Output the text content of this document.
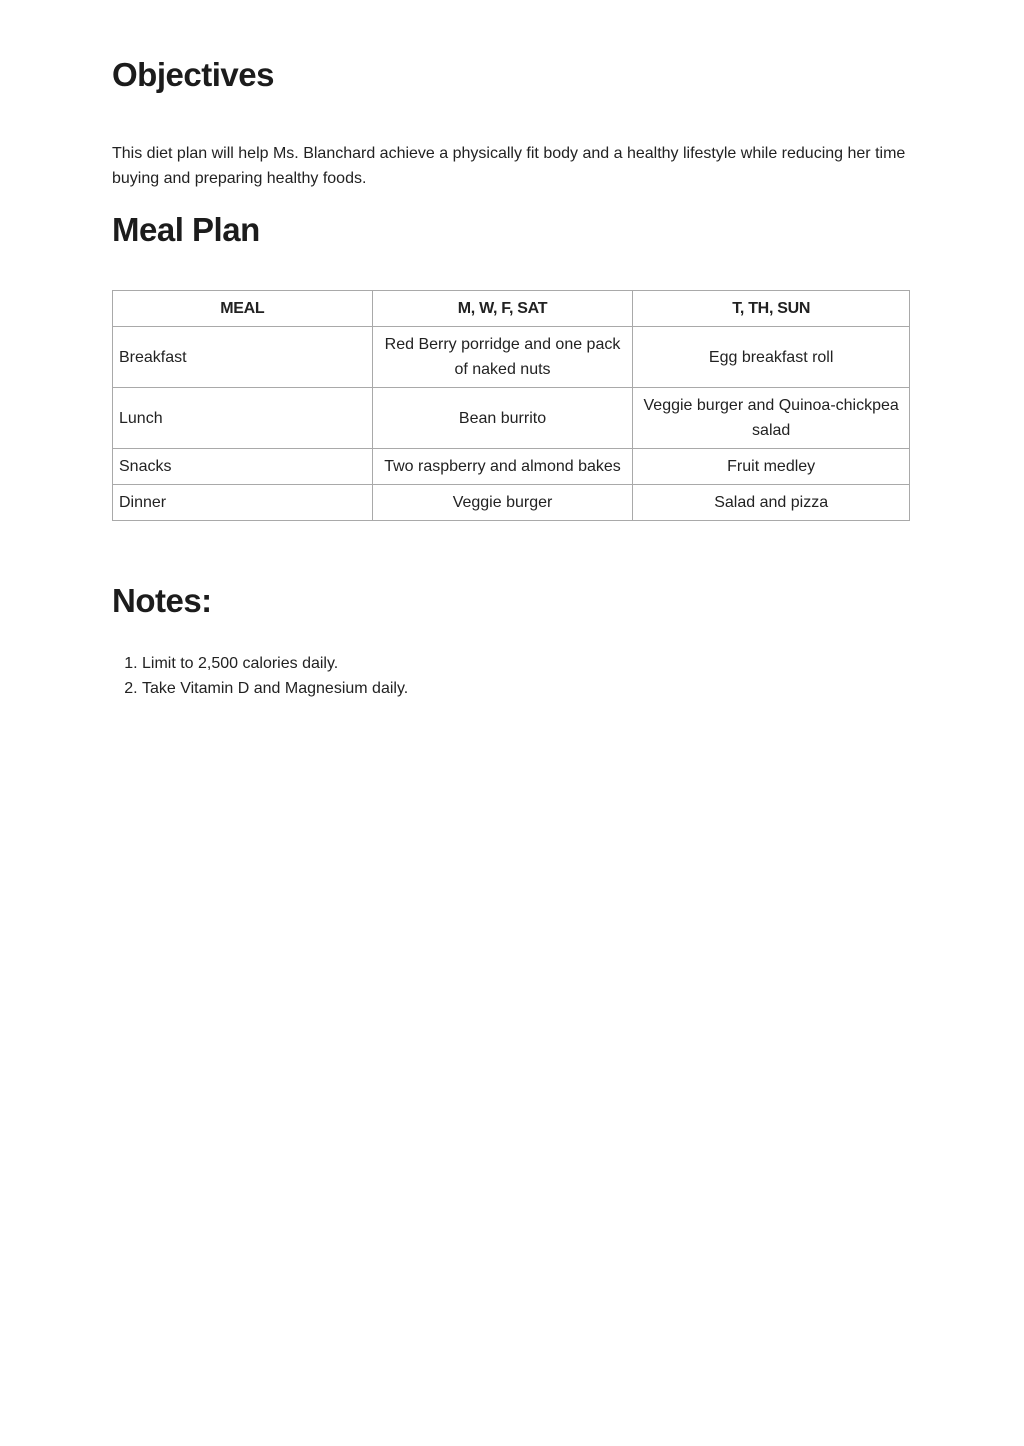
Objectives

This diet plan will help Ms. Blanchard achieve a physically fit body and a healthy lifestyle while reducing her time buying and preparing healthy foods.

Meal Plan
MEAL	M, W, F, SAT	T, TH, SUN
Breakfast	Red Berry porridge and one pack of naked nuts	Egg breakfast roll
Lunch	Bean burrito	Veggie burger and Quinoa-chickpea salad
Snacks	Two raspberry and almond bakes	Fruit medley
Dinner	Veggie burger	Salad and pizza
Notes:
1. Limit to 2,500 calories daily.
2. Take Vitamin D and Magnesium daily.
